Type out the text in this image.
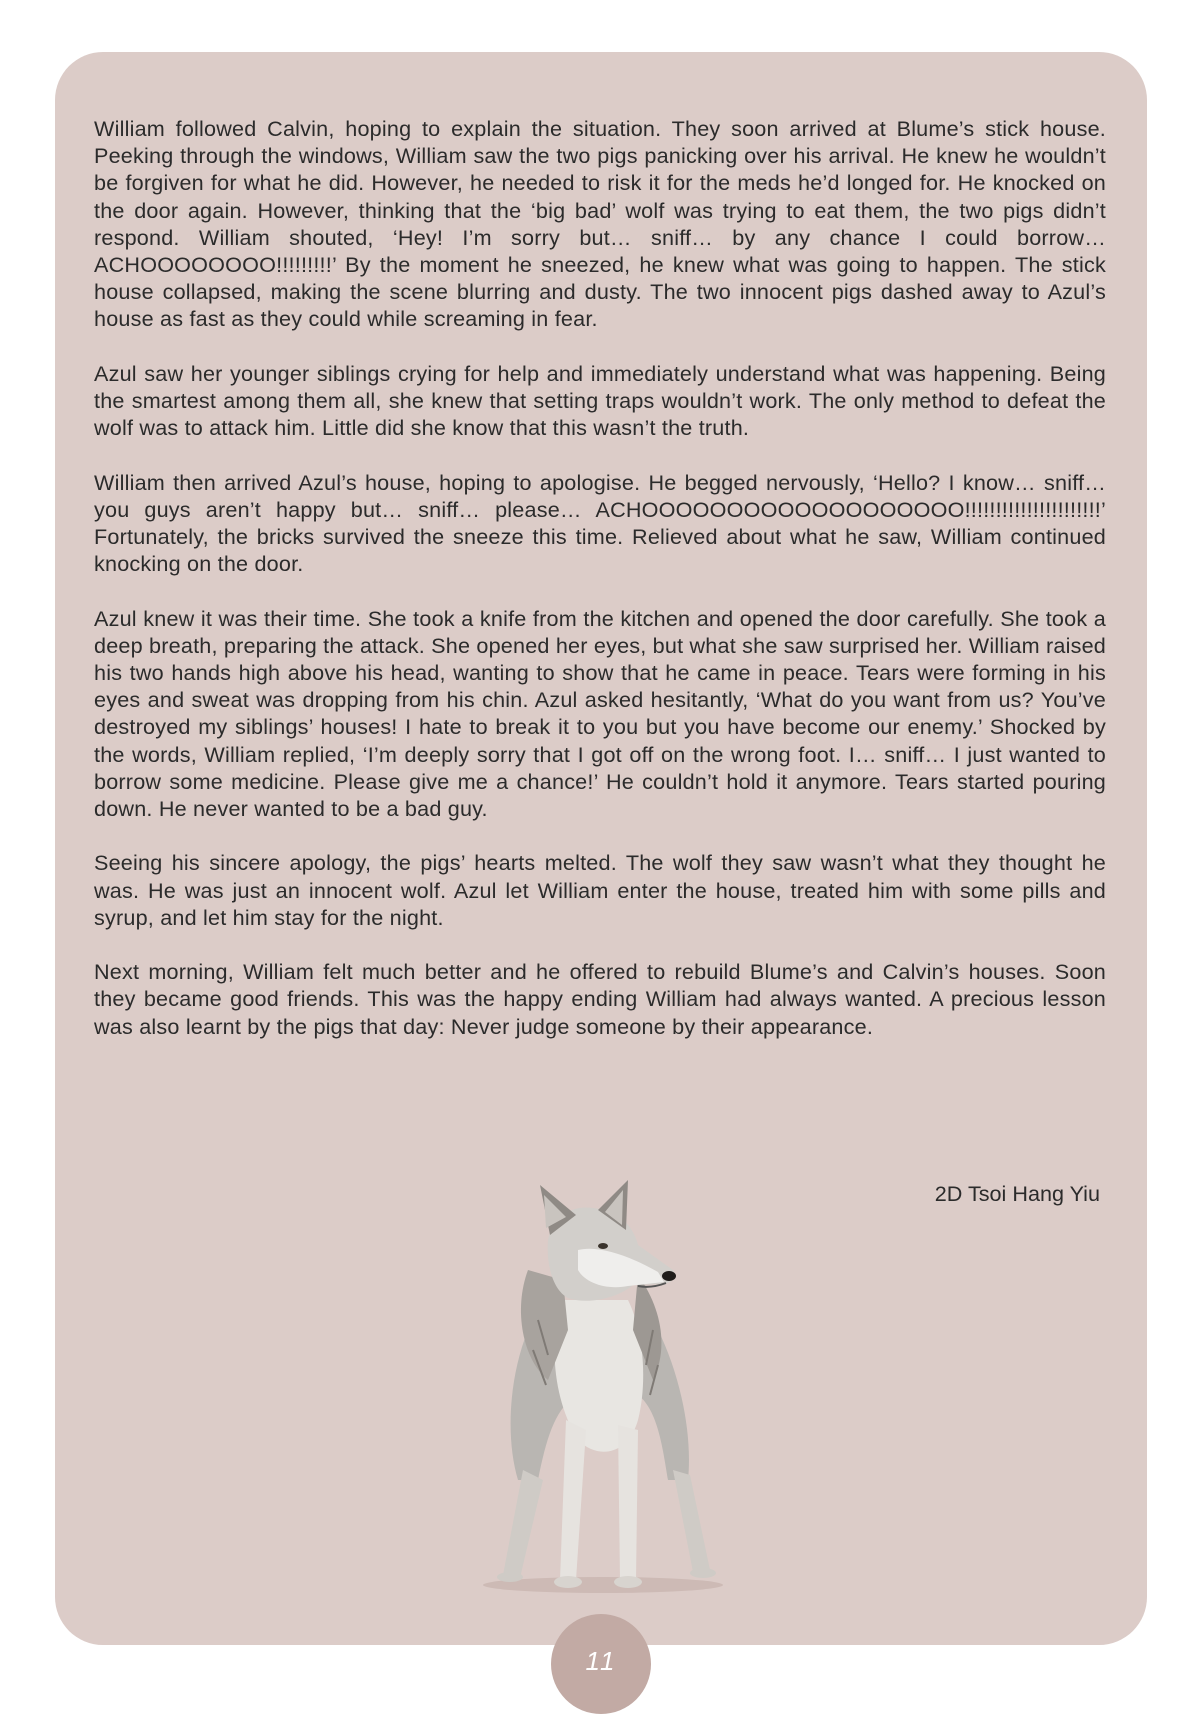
William followed Calvin, hoping to explain the situation. They soon arrived at Blume’s stick house. Peeking through the windows, William saw the two pigs panicking over his arrival. He knew he wouldn’t be forgiven for what he did. However, he needed to risk it for the meds he’d longed for. He knocked on the door again. However, thinking that the ‘big bad’ wolf was trying to eat them, the two pigs didn’t respond. William shouted, ‘Hey! I’m sorry but… sniff… by any chance I could borrow… ACHOOOOOOOO!!!!!!!!!’ By the moment he sneezed, he knew what was going to happen. The stick house collapsed, making the scene blurring and dusty. The two innocent pigs dashed away to Azul’s house as fast as they could while screaming in fear.

Azul saw her younger siblings crying for help and immediately understand what was happening. Being the smartest among them all, she knew that setting traps wouldn’t work. The only method to defeat the wolf was to attack him. Little did she know that this wasn’t the truth.

William then arrived Azul’s house, hoping to apologise. He begged nervously, ‘Hello? I know… sniff… you guys aren’t happy but… sniff… please… ACHOOOOOOOOOOOOOOOOOOO!!!!!!!!!!!!!!!!!!!!!!’ Fortunately, the bricks survived the sneeze this time. Relieved about what he saw, William continued knocking on the door.

Azul knew it was their time. She took a knife from the kitchen and opened the door carefully. She took a deep breath, preparing the attack. She opened her eyes, but what she saw surprised her. William raised his two hands high above his head, wanting to show that he came in peace. Tears were forming in his eyes and sweat was dropping from his chin. Azul asked hesitantly, ‘What do you want from us? You’ve destroyed my siblings’ houses! I hate to break it to you but you have become our enemy.’ Shocked by the words, William replied, ‘I’m deeply sorry that I got off on the wrong foot. I… sniff… I just wanted to borrow some medicine. Please give me a chance!’ He couldn’t hold it anymore. Tears started pouring down. He never wanted to be a bad guy.

Seeing his sincere apology, the pigs’ hearts melted. The wolf they saw wasn’t what they thought he was. He was just an innocent wolf. Azul let William enter the house, treated him with some pills and syrup, and let him stay for the night.

Next morning, William felt much better and he offered to rebuild Blume’s and Calvin’s houses. Soon they became good friends. This was the happy ending William had always wanted. A precious lesson was also learnt by the pigs that day: Never judge someone by their appearance.

2D Tsoi Hang Yiu
11
